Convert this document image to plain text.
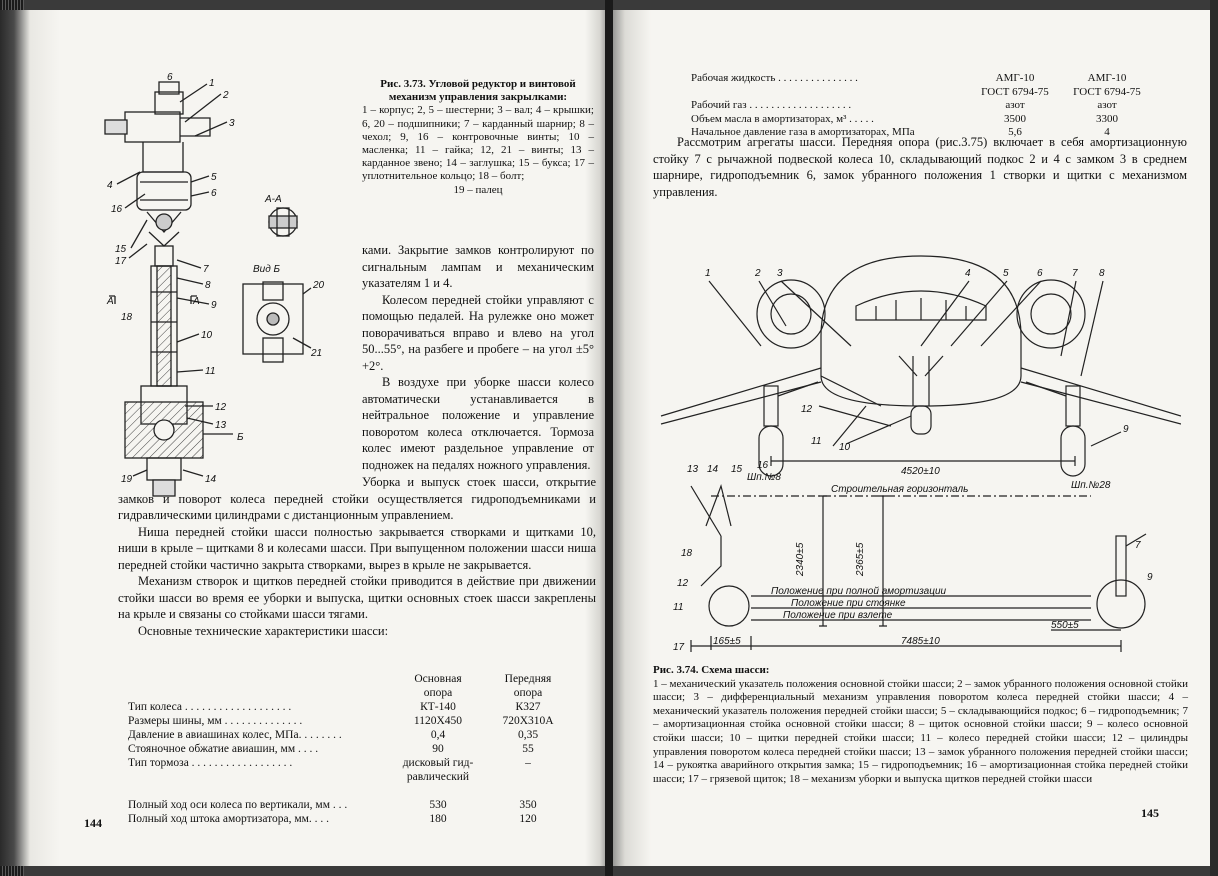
А-А
Вид Б
А	А
Б
6
1
2
3
5
6
4
16
15
17
7
8
18
9
10
11
12
13
20
21
19	14
Рис. 3.73. Угловой редуктор и винтовой механизм управления закрылками:
1 – корпус; 2, 5 – шестерни; 3 – вал; 4 – крышки; 6, 20 – подшипники; 7 – карданный шарнир; 8 – чехол; 9, 16 – контровочные винты; 10 – масленка; 11 – гайка; 12, 21 – винты; 13 – карданное звено; 14 – заглушка; 15 – букса; 17 – уплотнительное кольцо; 18 – болт;
19 – палец
ками. Закрытие замков контролируют по сигнальным лампам и механическим указателям 1 и 4.
Колесом передней стойки управляют с помощью педалей. На рулежке оно может поворачиваться вправо и влево на угол 50...55°, на разбеге и пробеге – на угол ±5°+2°.
В воздухе при уборке шасси колесо автоматически устанавливается в нейтральное положение и управление поворотом колеса отключается. Тормоза колес имеют раздельное управление от подножек на педалях ножного управления.
Уборка и выпуск стоек шасси, открытие замков и поворот колеса передней стойки осуществляется гидроподъемниками и гидравлическими цилиндрами с дистанционным управлением.
Ниша передней стойки шасси полностью закрывается створками и щитками 10, ниши в крыле – щитками 8 и колесами шасси. При выпущенном положении шасси ниша передней стойки частично закрыта створками, вырез в крыле не закрывается.
Механизм створок и щитков передней стойки приводится в действие при движении стойки шасси во время ее уборки и выпуска, щитки основных стоек шасси закреплены на крыле и связаны со стойками шасси тягами.
Основные технические характеристики шасси:
Основная
опора
Передняя
опора
Тип колеса . . . . . . . . . . . . . . . . . . .	КТ-140	К327
Размеры шины, мм . . . . . . . . . . . . . .	1120Х450	720Х310А
Давление в авиашинах колес, МПа. . . . . . . .	0,4	0,35
Стояночное обжатие авиашин, мм . . . .	90	55
Тип тормоза . . . . . . . . . . . . . . . . . .	дисковый гид-	–
равлический
Полный ход оси колеса по вертикали, мм . . .	530	350
Полный ход штока амортизатора, мм. . . .	180	120
144
Рабочая жидкость . . . . . . . . . . . . . . .	АМГ-10	АМГ-10
ГОСТ 6794-75	ГОСТ 6794-75
Рабочий газ . . . . . . . . . . . . . . . . . . .	азот	азот
Объем масла в амортизаторах, м³ . . . . .	3500	3300
Начальное давление газа в амортизаторах, МПа	5,6	4
Рассмотрим агрегаты шасси. Передняя опора (рис.3.75) включает в себя амортизационную стойку 7 с рычажной подвеской колеса 10, складывающий подкос 2 и 4 с замком 3 в среднем шарнире, гидроподъемник 6, замок убранного положения 1 створки и щитки с механизмом управления.
1	2 3	4	5	6	7 8
9
10
11
12
4520±10
13 14 15 16
Шп.№8
Шп.№28
Строительная горизонталь
18
12
11
17
7
9
2340±5	2365±5
Положение при полной амортизации
Положение при стоянке
Положение при взлете
165±5
550±5
7485±10
Рис. 3.74. Схема шасси:
1 – механический указатель положения основной стойки шасси; 2 – замок убранного положения основной стойки шасси; 3 – дифференциальный механизм управления поворотом колеса передней стойки шасси; 4 – механический указатель положения передней стойки шасси; 5 – складывающийся подкос; 6 – гидроподъемник; 7 – амортизационная стойка основной стойки шасси; 8 – щиток основной стойки шасси; 9 – колесо основной стойки шасси; 10 – щитки передней стойки шасси; 11 – колесо передней стойки шасси; 12 – цилиндры управления поворотом колеса передней стойки шасси; 13 – замок убранного положения передней стойки шасси; 14 – рукоятка аварийного открытия замка; 15 – гидроподъемник; 16 – амортизационная стойка передней стойки шасси; 17 – грязевой щиток; 18 – механизм уборки и выпуска щитков передней стойки шасси
145
